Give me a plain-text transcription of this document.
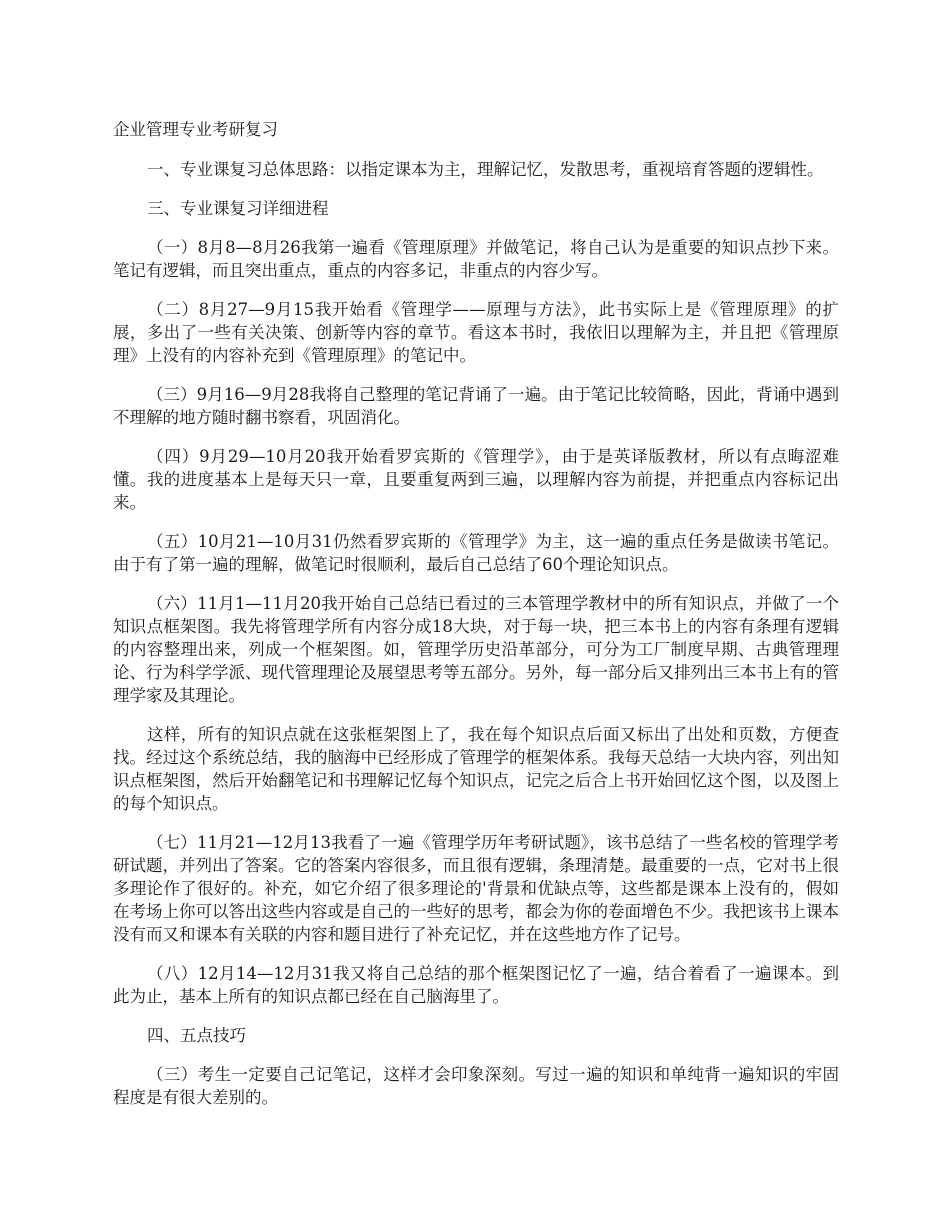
企业管理专业考研复习

一、专业课复习总体思路：以指定课本为主，理解记忆，发散思考，重视培育答题的逻辑性。

三、专业课复习详细进程

（一）8月8—8月26我第一遍看《管理原理》并做笔记，将自己认为是重要的知识点抄下来。笔记有逻辑，而且突出重点，重点的内容多记，非重点的内容少写。

（二）8月27—9月15我开始看《管理学——原理与方法》，此书实际上是《管理原理》的扩展，多出了一些有关决策、创新等内容的章节。看这本书时，我依旧以理解为主，并且把《管理原理》上没有的内容补充到《管理原理》的笔记中。

（三）9月16—9月28我将自己整理的笔记背诵了一遍。由于笔记比较简略，因此，背诵中遇到不理解的地方随时翻书察看，巩固消化。

（四）9月29—10月20我开始看罗宾斯的《管理学》，由于是英译版教材，所以有点晦涩难懂。我的进度基本上是每天只一章，且要重复两到三遍，以理解内容为前提，并把重点内容标记出来。

（五）10月21—10月31仍然看罗宾斯的《管理学》为主，这一遍的重点任务是做读书笔记。由于有了第一遍的理解，做笔记时很顺利，最后自己总结了60个理论知识点。

（六）11月1—11月20我开始自己总结已看过的三本管理学教材中的所有知识点，并做了一个知识点框架图。我先将管理学所有内容分成18大块，对于每一块，把三本书上的内容有条理有逻辑的内容整理出来，列成一个框架图。如，管理学历史沿革部分，可分为工厂制度早期、古典管理理论、行为科学学派、现代管理理论及展望思考等五部分。另外，每一部分后又排列出三本书上有的管理学家及其理论。

这样，所有的知识点就在这张框架图上了，我在每个知识点后面又标出了出处和页数，方便查找。经过这个系统总结，我的脑海中已经形成了管理学的框架体系。我每天总结一大块内容，列出知识点框架图，然后开始翻笔记和书理解记忆每个知识点，记完之后合上书开始回忆这个图，以及图上的每个知识点。

（七）11月21—12月13我看了一遍《管理学历年考研试题》，该书总结了一些名校的管理学考研试题，并列出了答案。它的答案内容很多，而且很有逻辑，条理清楚。最重要的一点，它对书上很多理论作了很好的。补充，如它介绍了很多理论的'背景和优缺点等，这些都是课本上没有的，假如在考场上你可以答出这些内容或是自己的一些好的思考，都会为你的卷面增色不少。我把该书上课本没有而又和课本有关联的内容和题目进行了补充记忆，并在这些地方作了记号。

（八）12月14—12月31我又将自己总结的那个框架图记忆了一遍，结合着看了一遍课本。到此为止，基本上所有的知识点都已经在自己脑海里了。

四、五点技巧

（三）考生一定要自己记笔记，这样才会印象深刻。写过一遍的知识和单纯背一遍知识的牢固程度是有很大差别的。
